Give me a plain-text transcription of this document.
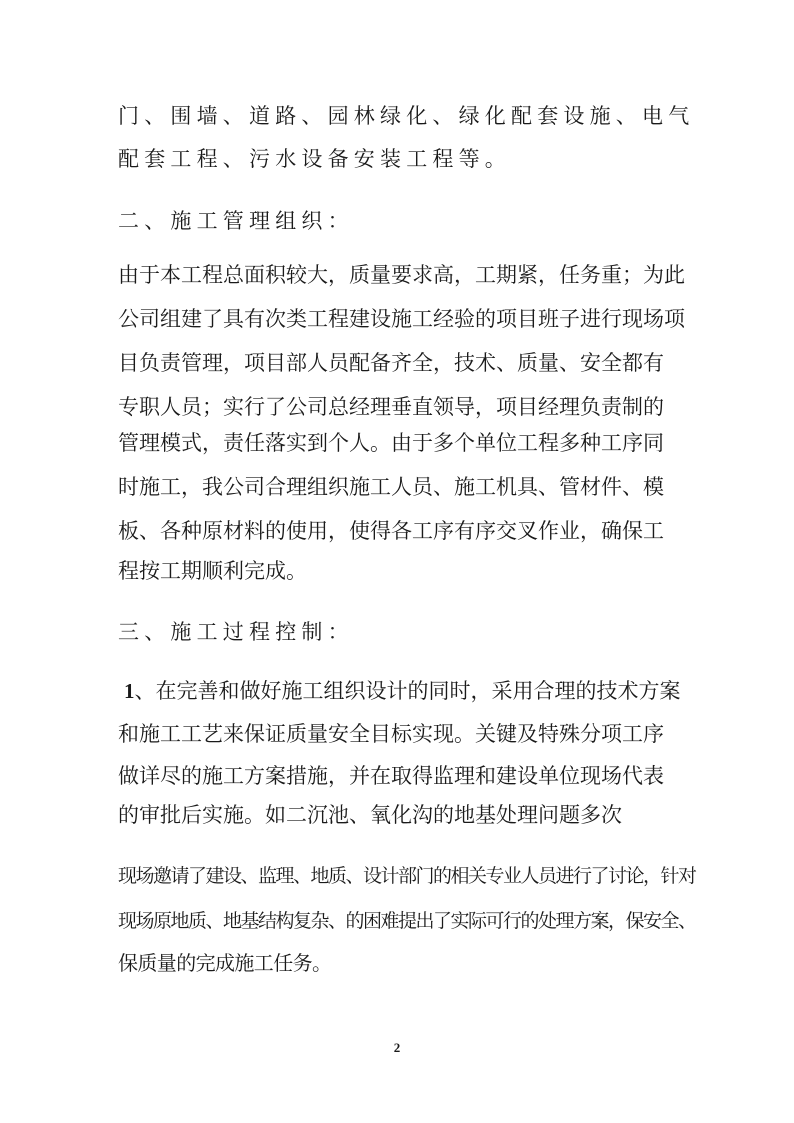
门、围墙、道路、园林绿化、绿化配套设施、电气
配套工程、污水设备安装工程等。
二、施工管理组织：
由于本工程总面积较大，质量要求高，工期紧，任务重；为此
公司组建了具有次类工程建设施工经验的项目班子进行现场项
目负责管理，项目部人员配备齐全，技术、质量、安全都有
专职人员；实行了公司总经理垂直领导，项目经理负责制的
管理模式，责任落实到个人。由于多个单位工程多种工序同
时施工，我公司合理组织施工人员、施工机具、管材件、模
板、各种原材料的使用，使得各工序有序交叉作业，确保工
程按工期顺利完成。
三、施工过程控制：
1、在完善和做好施工组织设计的同时，采用合理的技术方案
和施工工艺来保证质量安全目标实现。关键及特殊分项工序
做详尽的施工方案措施，并在取得监理和建设单位现场代表
的审批后实施。如二沉池、氧化沟的地基处理问题多次
现场邀请了建设、监理、地质、设计部门的相关专业人员进行了讨论，针对
现场原地质、地基结构复杂、的困难提出了实际可行的处理方案，保安全、
保质量的完成施工任务。
2
